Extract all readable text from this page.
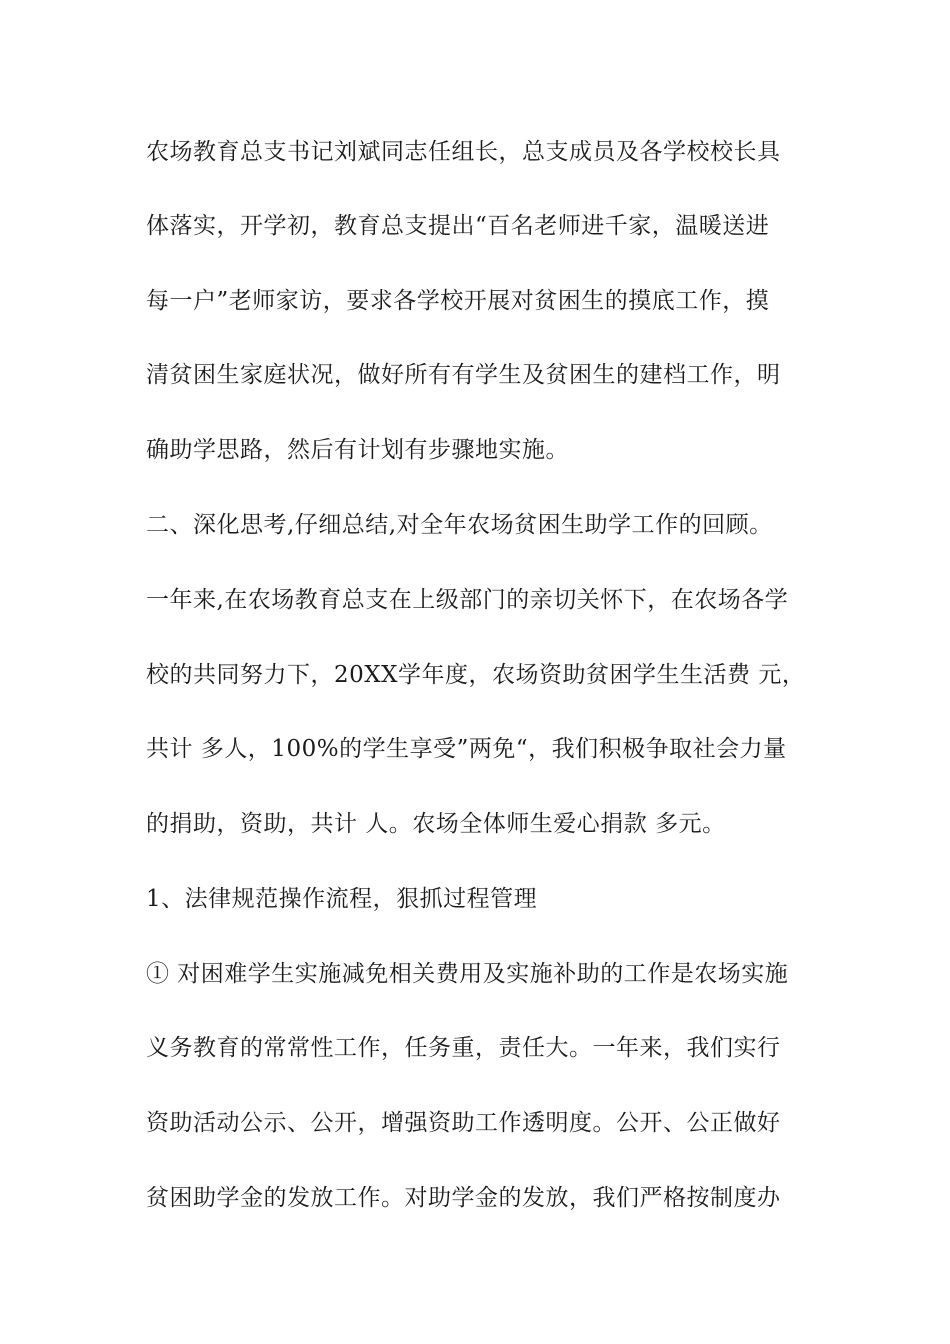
农场教育总支书记刘斌同志任组长，总支成员及各学校校长具
体落实，开学初，教育总支提出“百名老师进千家，温暖送进
每一户”老师家访，要求各学校开展对贫困生的摸底工作，摸
清贫困生家庭状况，做好所有有学生及贫困生的建档工作，明
确助学思路，然后有计划有步骤地实施。
二、深化思考,仔细总结,对全年农场贫困生助学工作的回顾。
一年来,在农场教育总支在上级部门的亲切关怀下，在农场各学
校的共同努力下，20XX学年度，农场资助贫困学生生活费 元，
共计 多人，100%的学生享受”两免“，我们积极争取社会力量
的捐助，资助，共计 人。农场全体师生爱心捐款 多元。
1、法律规范操作流程，狠抓过程管理
① 对困难学生实施减免相关费用及实施补助的工作是农场实施
义务教育的常常性工作，任务重，责任大。一年来，我们实行
资助活动公示、公开，增强资助工作透明度。公开、公正做好
贫困助学金的发放工作。对助学金的发放，我们严格按制度办
